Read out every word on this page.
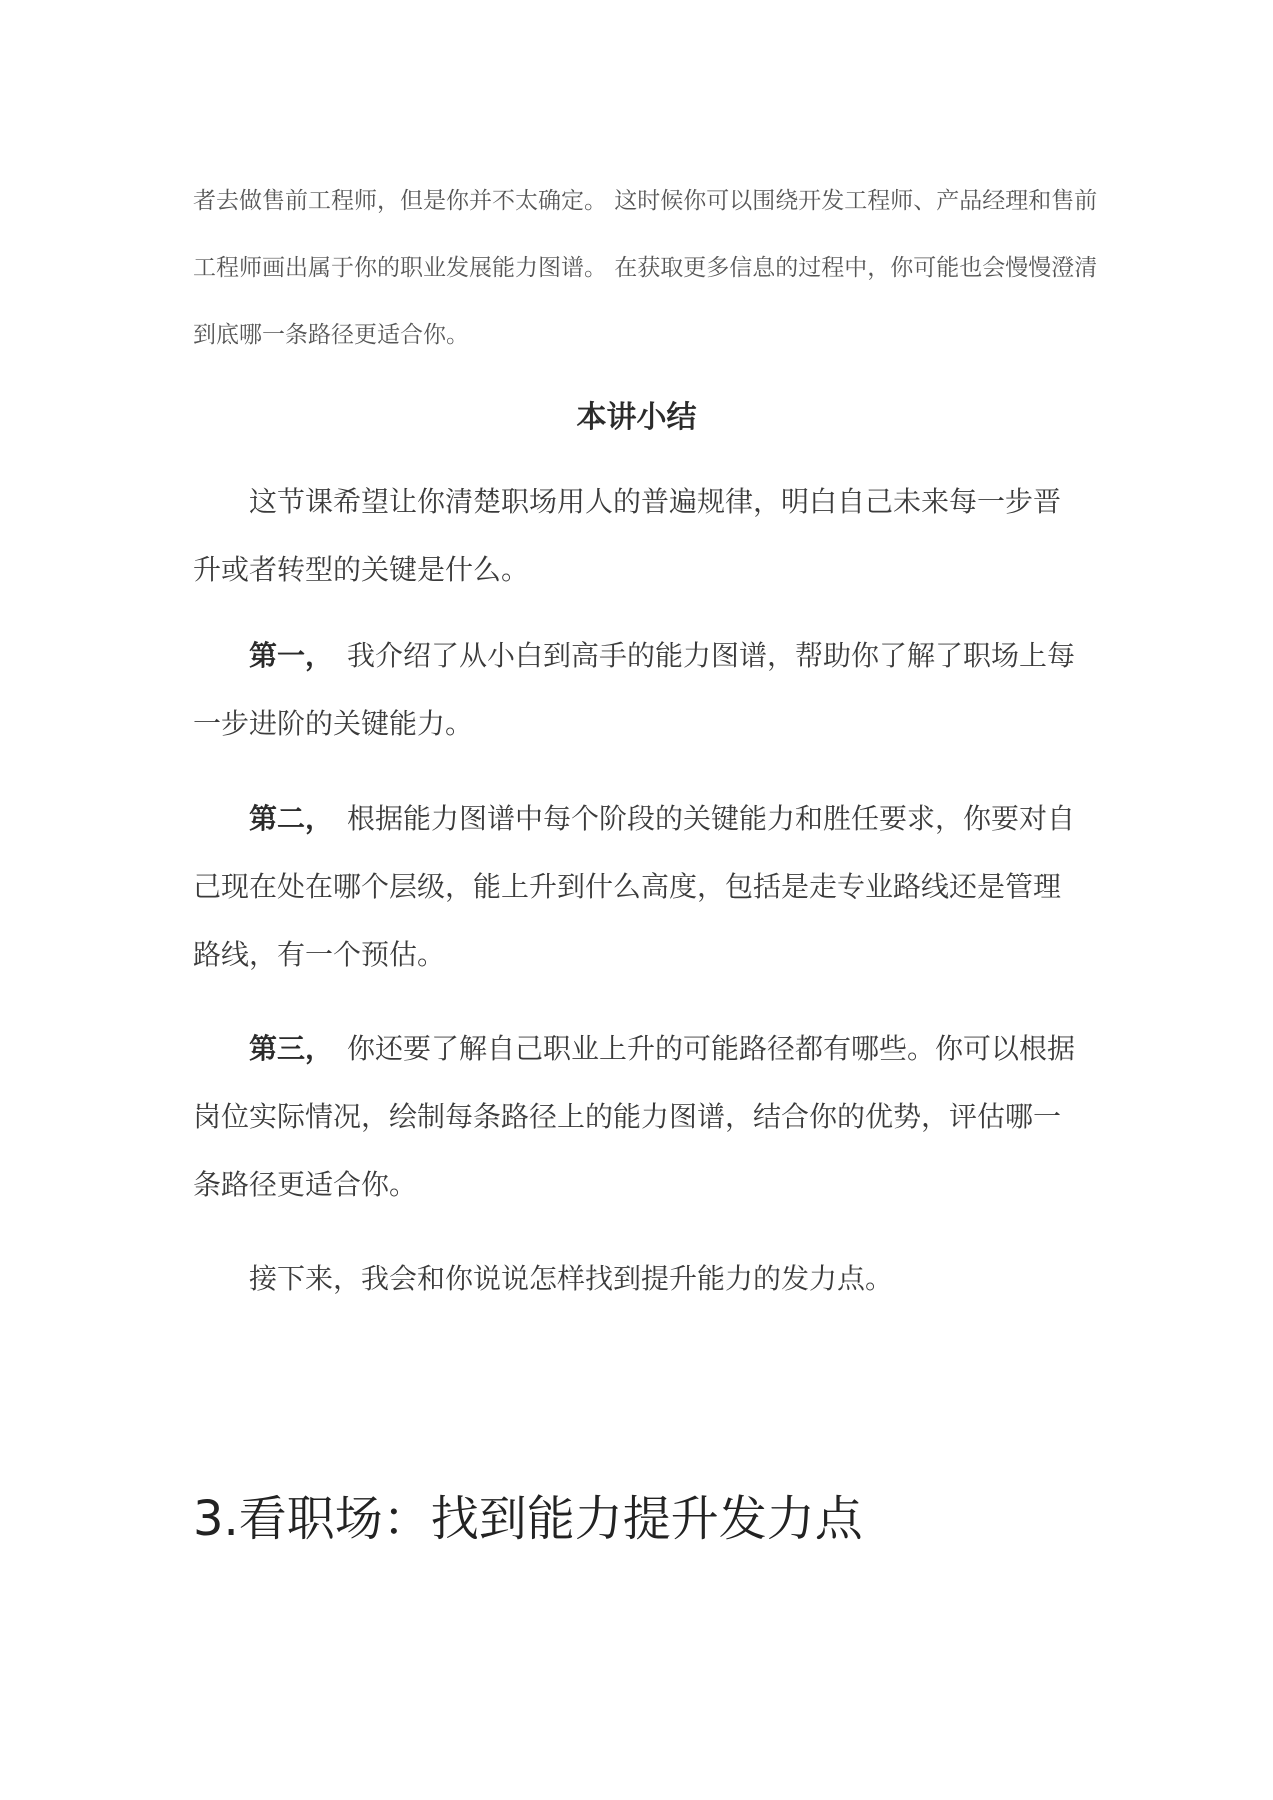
者去做售前工程师，但是你并不太确定。 这时候你可以围绕开发工程师、产品经理和售前
工程师画出属于你的职业发展能力图谱。 在获取更多信息的过程中，你可能也会慢慢澄清
到底哪一条路径更适合你。
本讲小结
这节课希望让你清楚职场用人的普遍规律，明白自己未来每一步晋
升或者转型的关键是什么。
第一， 我介绍了从小白到高手的能力图谱，帮助你了解了职场上每
一步进阶的关键能力。
第二， 根据能力图谱中每个阶段的关键能力和胜任要求，你要对自
己现在处在哪个层级，能上升到什么高度，包括是走专业路线还是管理
路线，有一个预估。
第三， 你还要了解自己职业上升的可能路径都有哪些。你可以根据
岗位实际情况，绘制每条路径上的能力图谱，结合你的优势，评估哪一
条路径更适合你。
接下来，我会和你说说怎样找到提升能力的发力点。
3.看职场：找到能力提升发力点
